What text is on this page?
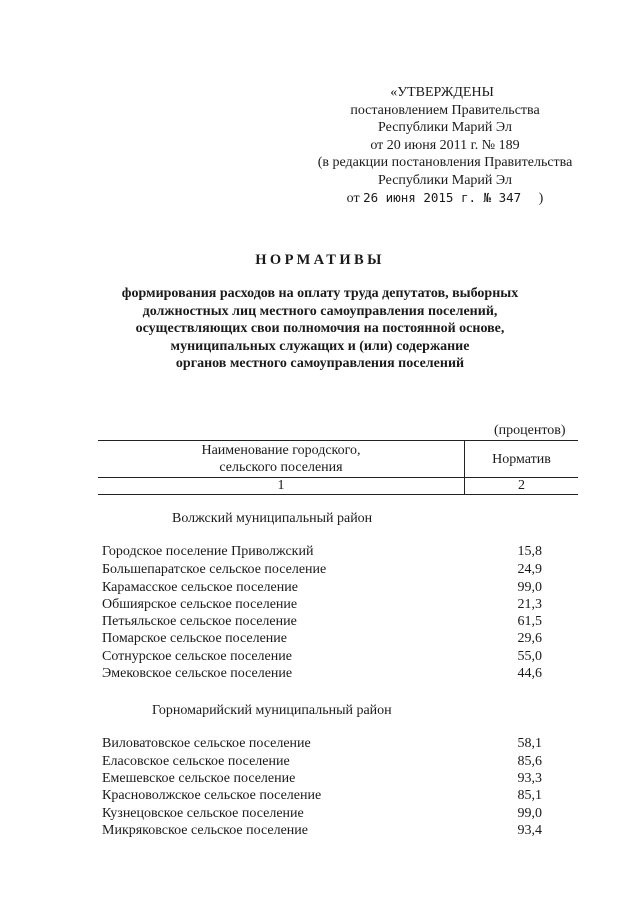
«УТВЕРЖДЕНЫ
постановлением Правительства
Республики Марий Эл
от 20 июня 2011 г. № 189
(в редакции постановления Правительства
Республики Марий Эл
от 26 июня 2015 г. № 347 )
НОРМАТИВЫ
формирования расходов на оплату труда депутатов, выборных
должностных лиц местного самоуправления поселений,
осуществляющих свои полномочия на постоянной основе,
муниципальных служащих и (или) содержание
органов местного самоуправления поселений
(процентов)
Наименование городского,
сельского поселения	Норматив
1	2
Волжский муниципальный район
Городское поселение Приволжский	15,8
Большепаратское сельское поселение	24,9
Карамасское сельское поселение	99,0
Обшиярское сельское поселение	21,3
Петьяльское сельское поселение	61,5
Помарское сельское поселение	29,6
Сотнурское сельское поселение	55,0
Эмековское сельское поселение	44,6
Горномарийский муниципальный район
Виловатовское сельское поселение	58,1
Еласовское сельское поселение	85,6
Емешевское сельское поселение	93,3
Красноволжское сельское поселение	85,1
Кузнецовское сельское поселение	99,0
Микряковское сельское поселение	93,4
